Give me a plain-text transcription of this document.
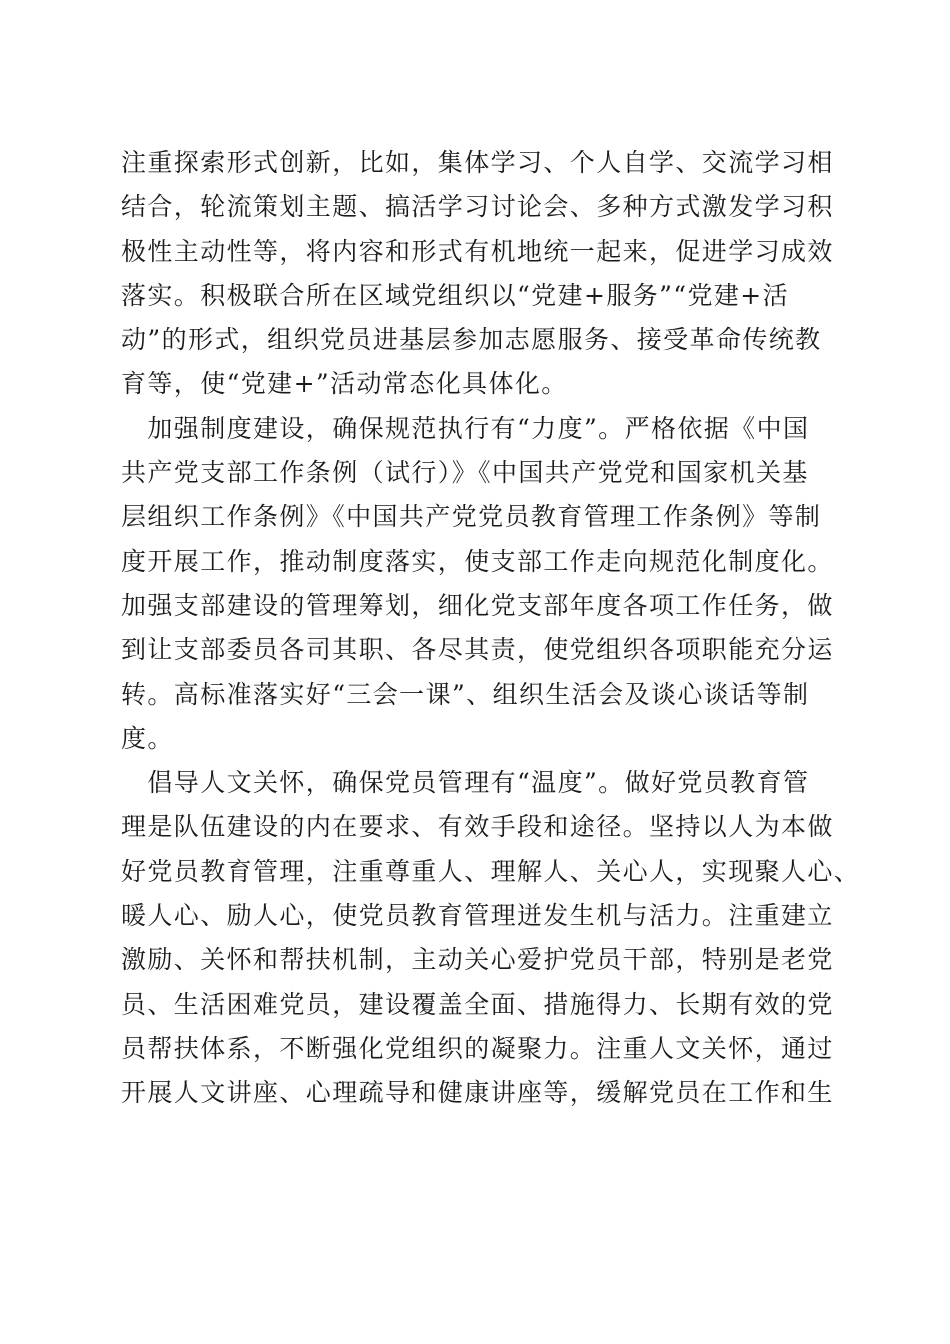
注重探索形式创新，比如，集体学习、个人自学、交流学习相
结合，轮流策划主题、搞活学习讨论会、多种方式激发学习积
极性主动性等，将内容和形式有机地统一起来，促进学习成效
落实。积极联合所在区域党组织以“党建+服务”“党建+活
动”的形式，组织党员进基层参加志愿服务、接受革命传统教
育等，使“党建+”活动常态化具体化。
　加强制度建设，确保规范执行有“力度”。严格依据《中国
共产党支部工作条例（试行）》《中国共产党党和国家机关基
层组织工作条例》《中国共产党党员教育管理工作条例》等制
度开展工作，推动制度落实，使支部工作走向规范化制度化。
加强支部建设的管理筹划，细化党支部年度各项工作任务，做
到让支部委员各司其职、各尽其责，使党组织各项职能充分运
转。高标准落实好“三会一课”、组织生活会及谈心谈话等制
度。
　倡导人文关怀，确保党员管理有“温度”。做好党员教育管
理是队伍建设的内在要求、有效手段和途径。坚持以人为本做
好党员教育管理，注重尊重人、理解人、关心人，实现聚人心、
暖人心、励人心，使党员教育管理迸发生机与活力。注重建立
激励、关怀和帮扶机制，主动关心爱护党员干部，特别是老党
员、生活困难党员，建设覆盖全面、措施得力、长期有效的党
员帮扶体系，不断强化党组织的凝聚力。注重人文关怀，通过
开展人文讲座、心理疏导和健康讲座等，缓解党员在工作和生
